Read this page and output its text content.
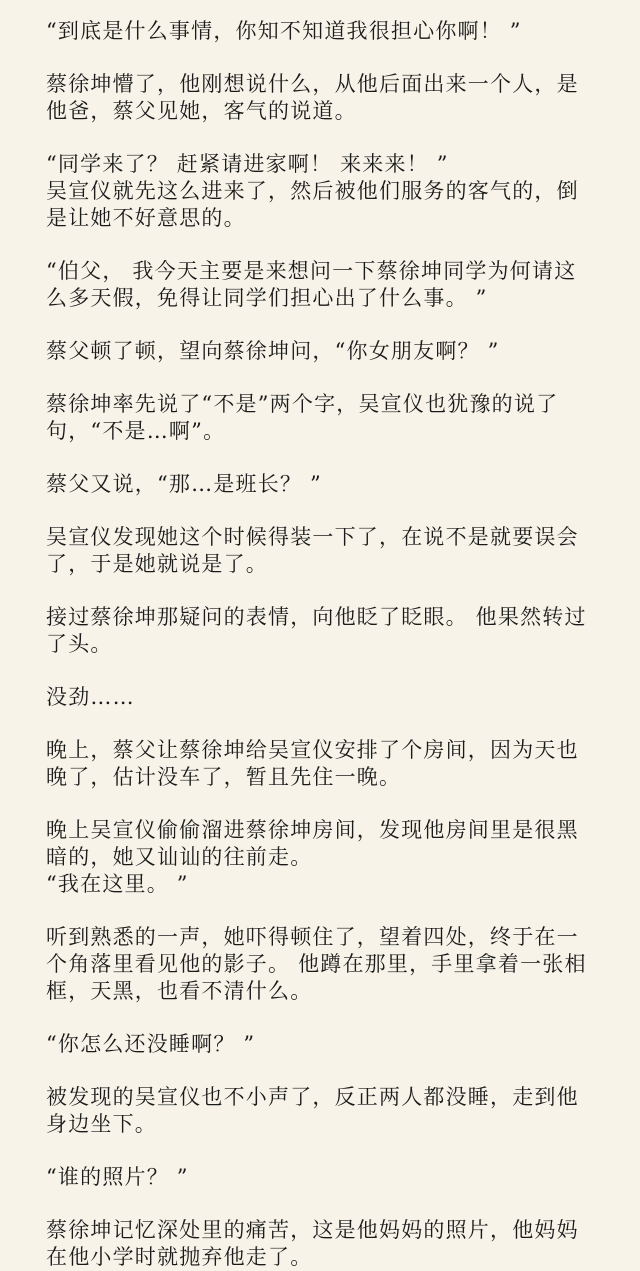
“到底是什么事情，你知不知道我很担心你啊！ ”

蔡徐坤懵了，他刚想说什么，从他后面出来一个人，是他爸，蔡父见她，客气的说道。

“同学来了？ 赶紧请进家啊！ 来来来！ ”

吴宣仪就先这么进来了，然后被他们服务的客气的，倒是让她不好意思的。

“伯父， 我今天主要是来想问一下蔡徐坤同学为何请这么多天假，免得让同学们担心出了什么事。 ”

蔡父顿了顿，望向蔡徐坤问，“你女朋友啊？ ”

蔡徐坤率先说了“不是”两个字，吴宣仪也犹豫的说了句，“不是…啊”。

蔡父又说，“那…是班长？ ”

吴宣仪发现她这个时候得装一下了，在说不是就要误会了，于是她就说是了。

接过蔡徐坤那疑问的表情，向他眨了眨眼。 他果然转过了头。

没劲……

晚上，蔡父让蔡徐坤给吴宣仪安排了个房间，因为天也晚了，估计没车了，暂且先住一晚。

晚上吴宣仪偷偷溜进蔡徐坤房间，发现他房间里是很黑暗的，她又讪讪的往前走。

“我在这里。 ”

听到熟悉的一声，她吓得顿住了，望着四处，终于在一个角落里看见他的影子。 他蹲在那里，手里拿着一张相框，天黑，也看不清什么。

“你怎么还没睡啊？ ”

被发现的吴宣仪也不小声了，反正两人都没睡，走到他身边坐下。

“谁的照片？ ”

蔡徐坤记忆深处里的痛苦，这是他妈妈的照片，他妈妈在他小学时就抛弃他走了。
